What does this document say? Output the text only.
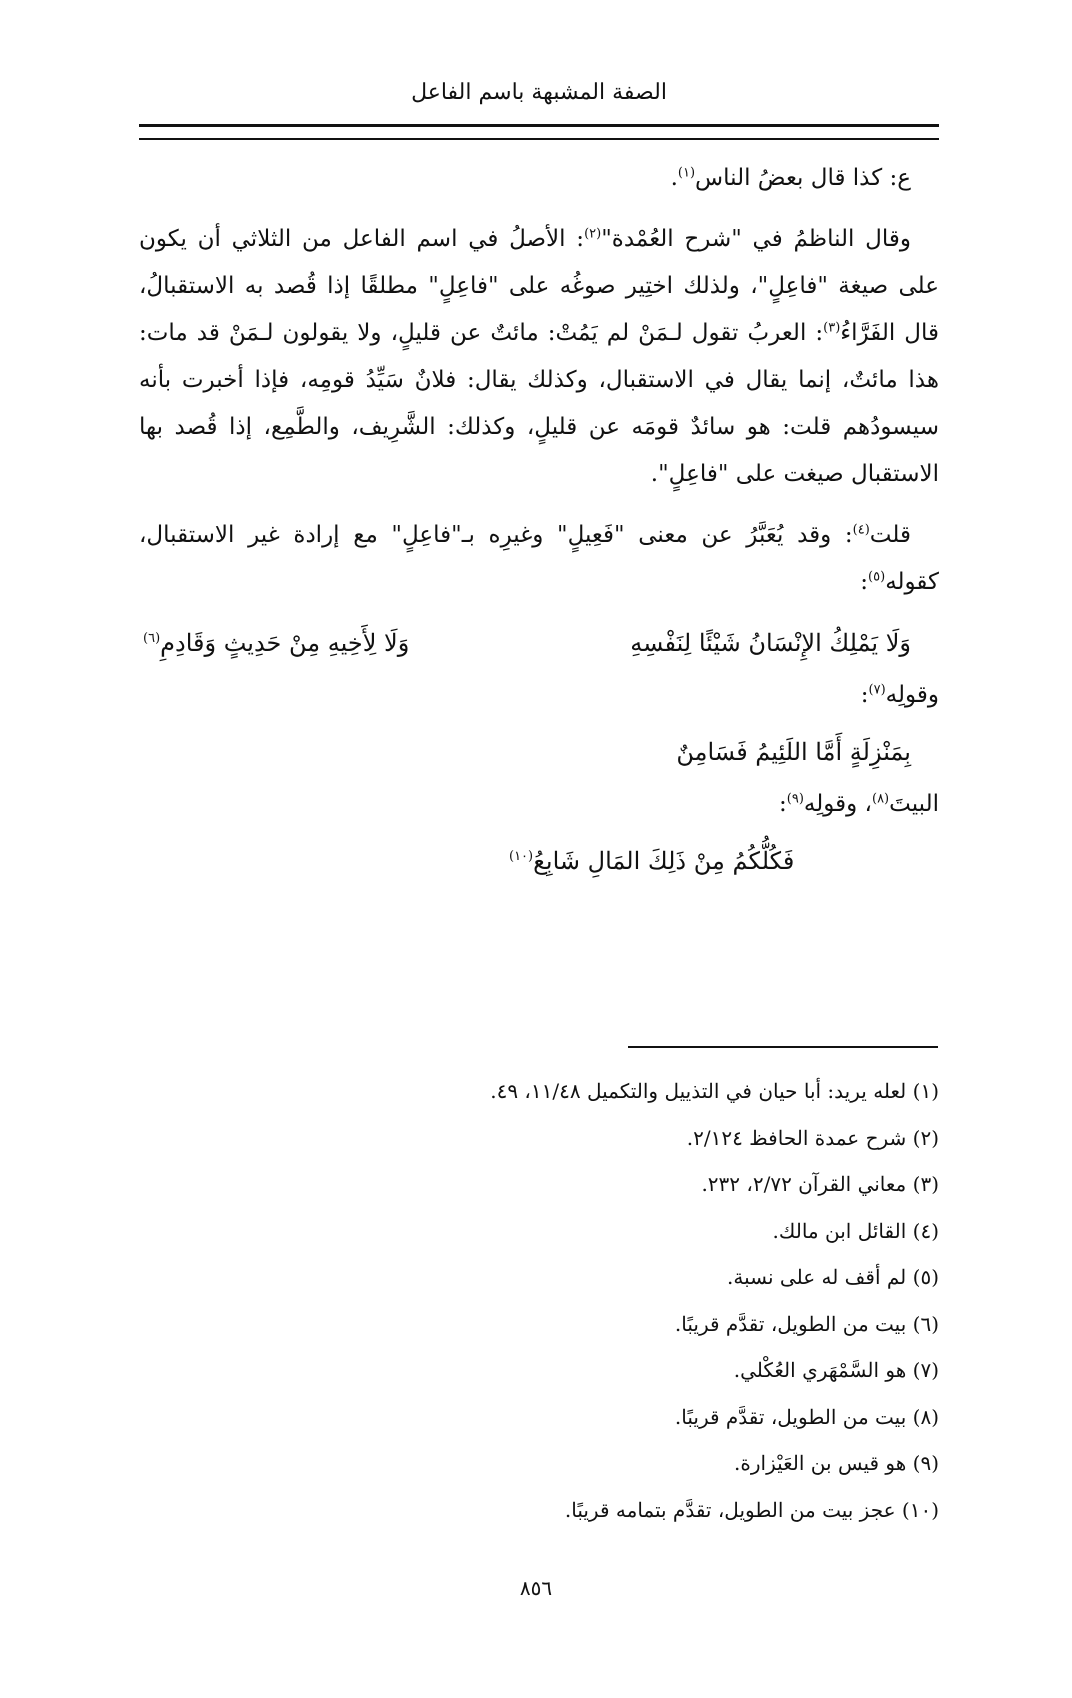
الصفة المشبهة باسم الفاعل

ع: كذا قال بعضُ الناس$^{(١)}$.

وقال الناظمُ في "شرح العُمْدة"$^{(٢)}$: الأصلُ في اسم الفاعل من الثلاثي أن يكون على صيغة "فاعِلٍ"، ولذلك اختِير صوغُه على "فاعِلٍ" مطلقًا إذا قُصد به الاستقبالُ، قال الفَرَّاءُ$^{(٣)}$: العربُ تقول لـمَنْ لم يَمُتْ: مائتٌ عن قليلٍ، ولا يقولون لـمَنْ قد مات: هذا مائتٌ، إنما يقال في الاستقبال، وكذلك يقال: فلانٌ سَيِّدُ قومِه، فإذا أخبرت بأنه سيسودُهم قلت: هو سائدٌ قومَه عن قليلٍ، وكذلك: الشَّرِيف، والطَّمِع، إذا قُصد بها الاستقبال صيغت على "فاعِلٍ".

قلت$^{(٤)}$: وقد يُعَبَّرُ عن معنى "فَعِيلٍ" وغيرِه بـ"فاعِلٍ" مع إرادة غير الاستقبال، كقوله$^{(٥)}$:

وَلَا يَمْلِكُ الإِنْسَانُ شَيْئًا لِنَفْسِهِ
وَلَا لِأَخِيهِ مِنْ حَدِيثٍ وَقَادِمِ$^{(٦)}$
وقولِه$^{(٧)}$:
بِمَنْزِلَةٍ أَمَّا اللَئِيمُ فَسَامِنٌ
البيتَ$^{(٨)}$، وقولِه$^{(٩)}$:
فَكُلُّكُمُ مِنْ ذَلِكَ المَالِ شَابِعُ$^{(١٠)}$

(١) لعله يريد: أبا حيان في التذييل والتكميل ١١/٤٨، ٤٩.

(٢) شرح عمدة الحافظ ٢/١٢٤.

(٣) معاني القرآن ٢/٧٢، ٢٣٢.

(٤) القائل ابن مالك.

(٥) لم أقف له على نسبة.

(٦) بيت من الطويل، تقدَّم قريبًا.

(٧) هو السَّمْهَري العُكْلي.

(٨) بيت من الطويل، تقدَّم قريبًا.

(٩) هو قيس بن العَيْزارة.

(١٠) عجز بيت من الطويل، تقدَّم بتمامه قريبًا.

٨٥٦
